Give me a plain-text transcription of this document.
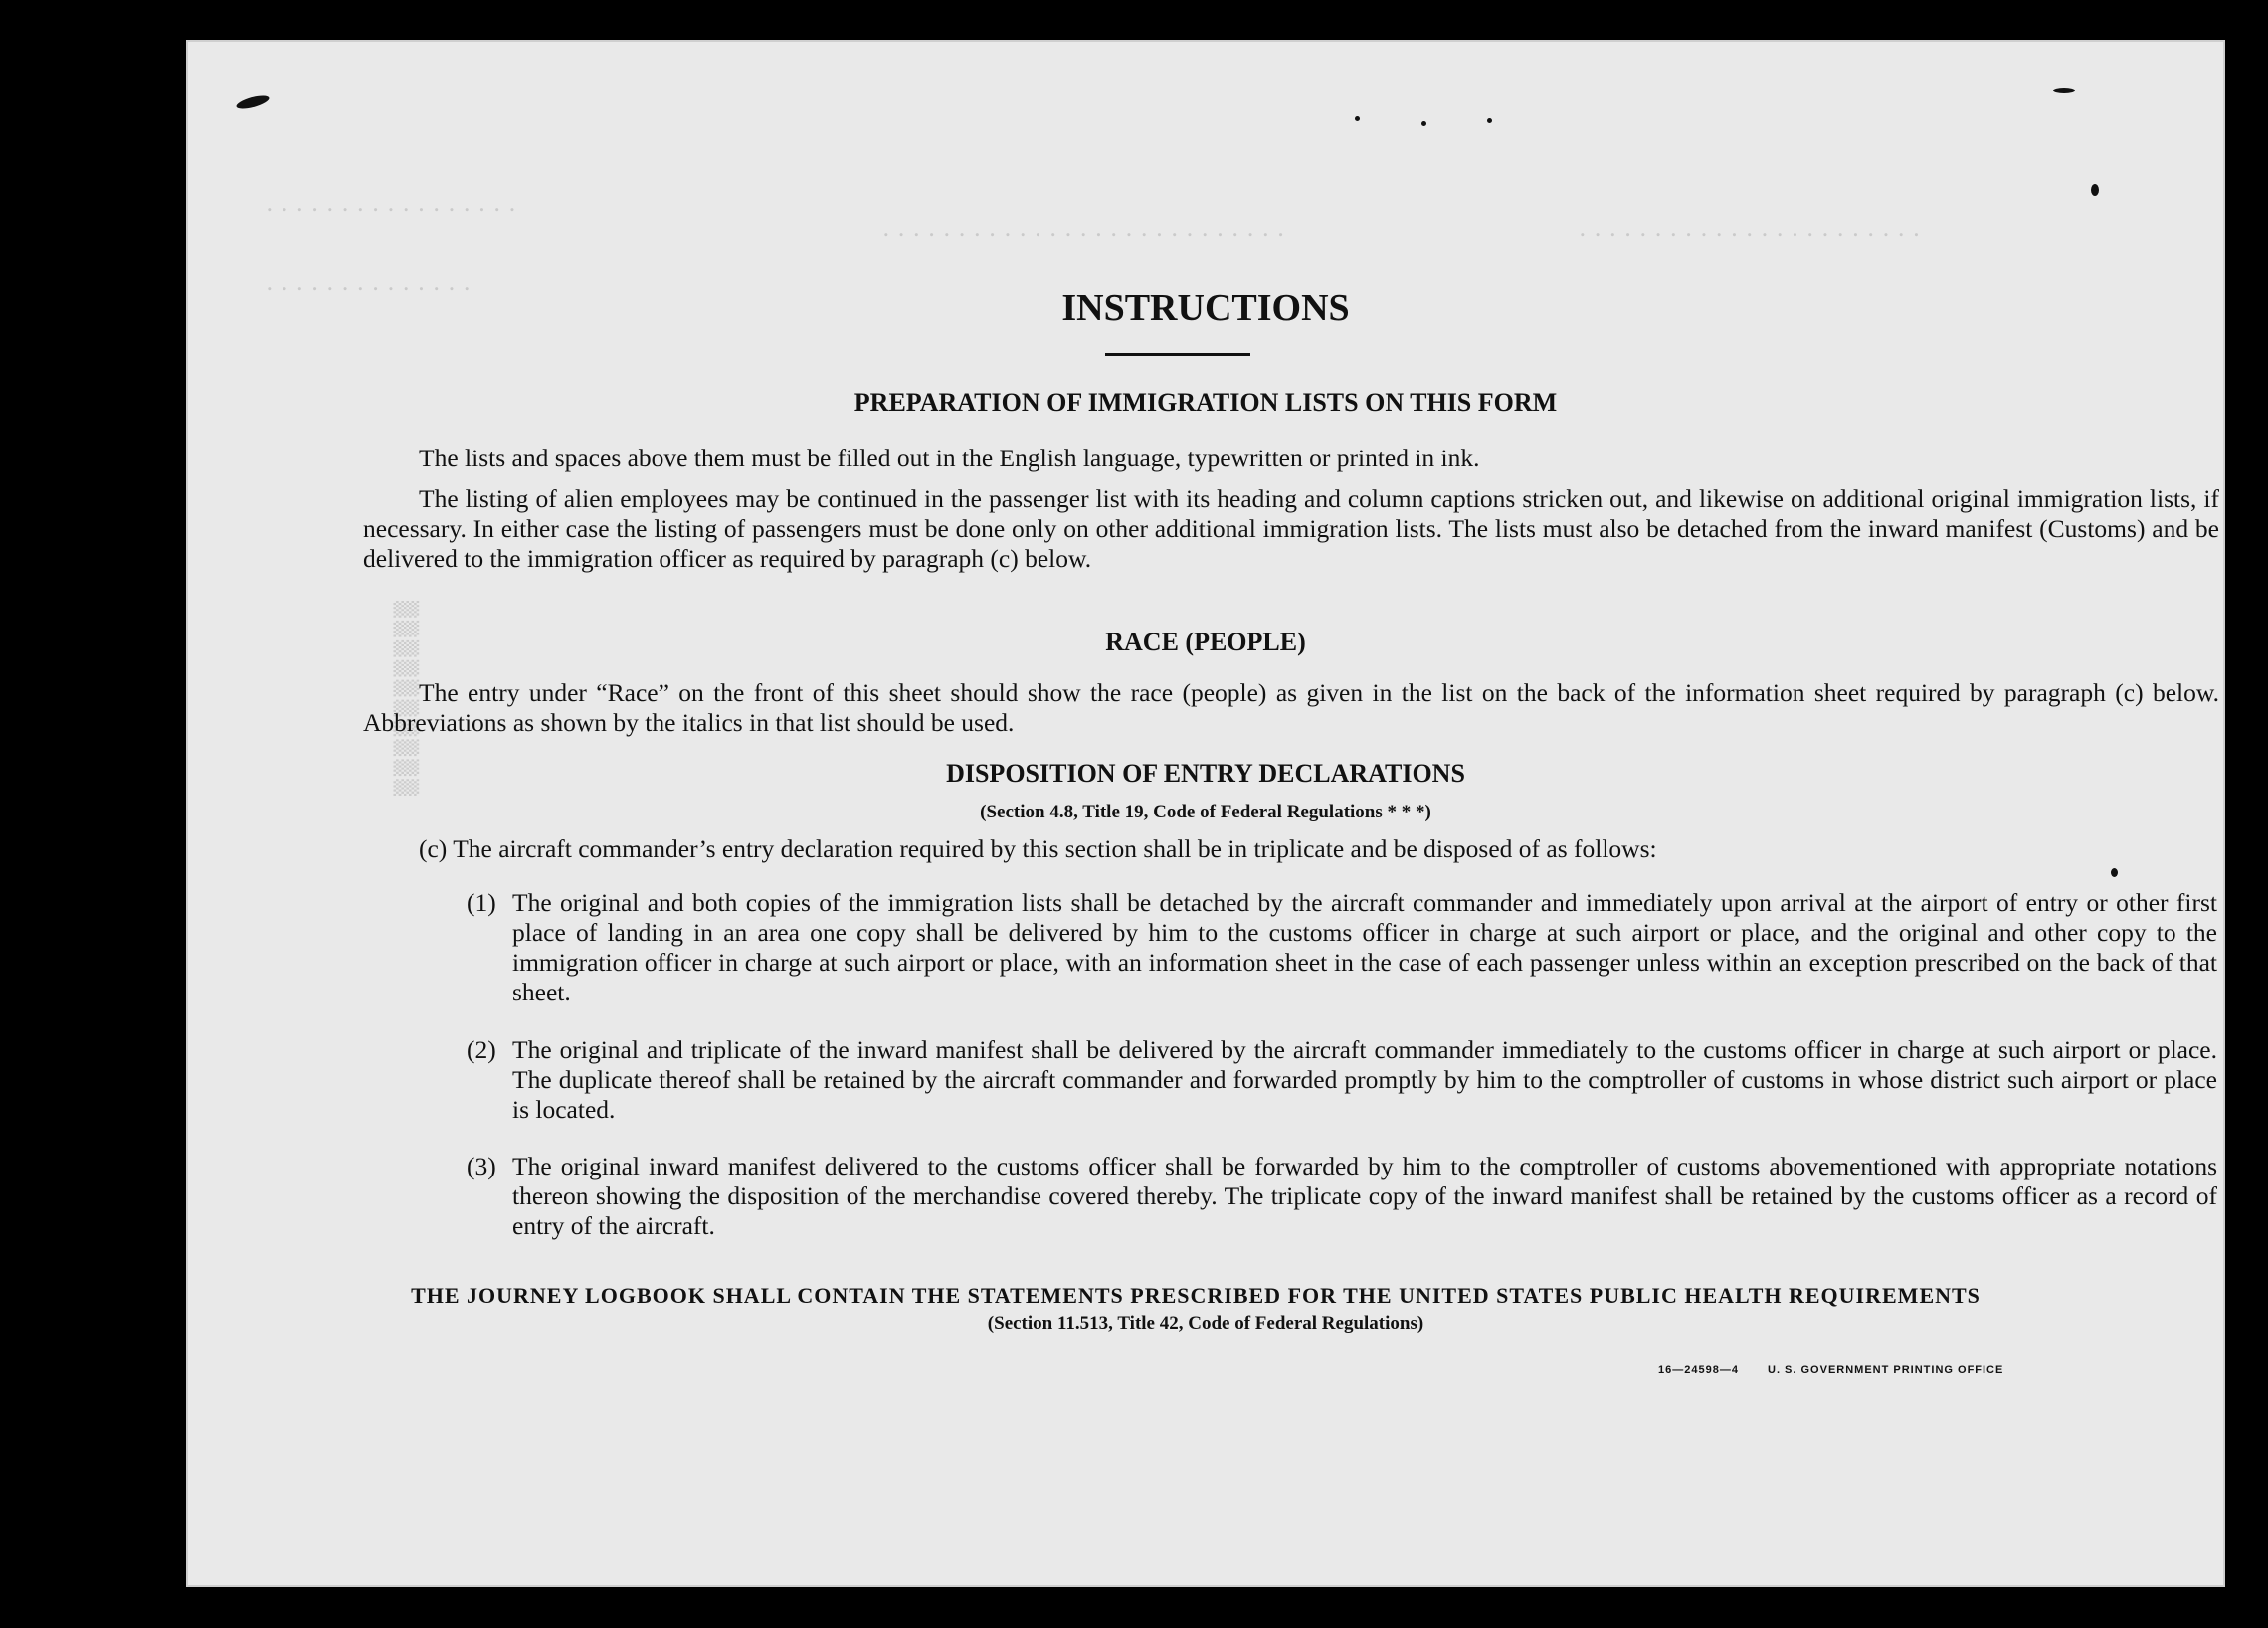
. . . . . . . . . . . . . . . . .
. . . . . . . . . . . . . .
. . . . . . . . . . . . . . . . . . . . . . . . . . .	. . . . . . . . . . . . . . . . . . . . . . .
INSTRUCTIONS
PREPARATION OF IMMIGRATION LISTS ON THIS FORM
The lists and spaces above them must be filled out in the English language, typewritten or printed in ink.
The listing of alien employees may be continued in the passenger list with its heading and column captions stricken out, and likewise on additional original immigration lists, if necessary. In either case the listing of passengers must be done only on other additional immigration lists. The lists must also be detached from the inward manifest (Customs) and be delivered to the immigration officer as required by paragraph (c) below.
RACE (PEOPLE)
The entry under “Race” on the front of this sheet should show the race (people) as given in the list on the back of the information sheet required by paragraph (c) below. Abbreviations as shown by the italics in that list should be used.
DISPOSITION OF ENTRY DECLARATIONS
(Section 4.8, Title 19, Code of Federal Regulations * * *)
(c) The aircraft commander’s entry declaration required by this section shall be in triplicate and be disposed of as follows:
(1) The original and both copies of the immigration lists shall be detached by the aircraft commander and immediately upon arrival at the airport of entry or other first place of landing in an area one copy shall be delivered by him to the customs officer in charge at such airport or place, and the original and other copy to the immigration officer in charge at such airport or place, with an information sheet in the case of each passenger unless within an exception prescribed on the back of that sheet.
(2) The original and triplicate of the inward manifest shall be delivered by the aircraft commander immediately to the customs officer in charge at such airport or place. The duplicate thereof shall be retained by the aircraft commander and forwarded promptly by him to the comptroller of customs in whose district such airport or place is located.
(3) The original inward manifest delivered to the customs officer shall be forwarded by him to the comptroller of customs abovementioned with appropriate notations thereon showing the disposition of the merchandise covered thereby. The triplicate copy of the inward manifest shall be retained by the customs officer as a record of entry of the aircraft.
THE JOURNEY LOGBOOK SHALL CONTAIN THE STATEMENTS PRESCRIBED FOR THE UNITED STATES PUBLIC HEALTH REQUIREMENTS
(Section 11.513, Title 42, Code of Federal Regulations)
16—24598—4	U. S. GOVERNMENT PRINTING OFFICE
▒▒▒▒▒▒▒▒▒▒
